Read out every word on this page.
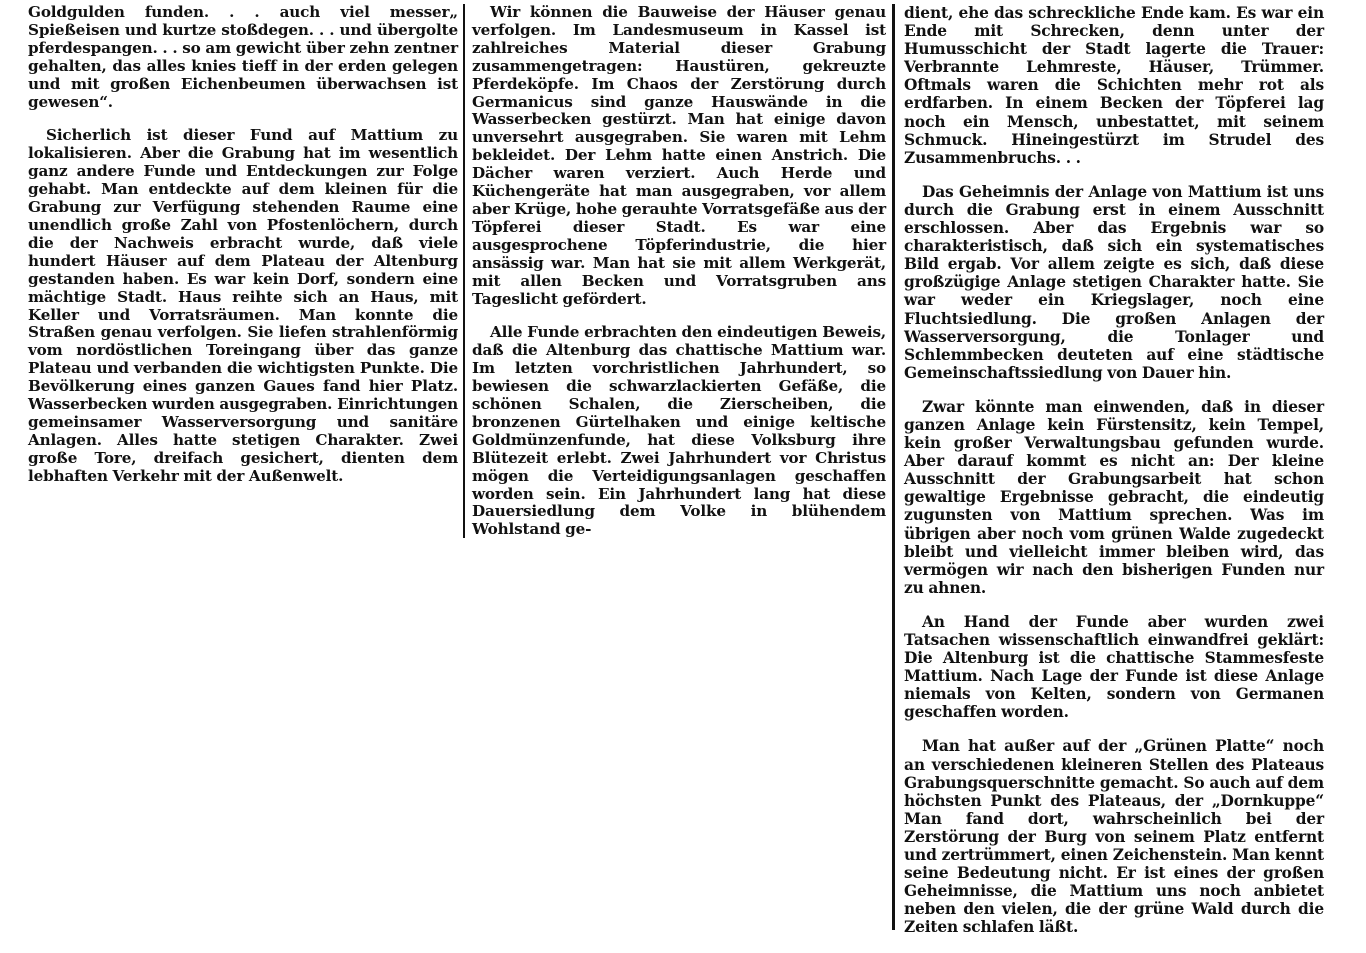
Goldgulden funden. . . auch viel messer„ Spießeisen und kurtze stoßdegen. . . und übergolte pferdespangen. . . so am gewicht über zehn zentner gehalten, das alles knies tieff in der erden gelegen und mit großen Eichenbeumen überwachsen ist gewesen“.

Sicherlich ist dieser Fund auf Mattium zu lokalisieren. Aber die Grabung hat im wesentlich ganz andere Funde und Entdeckungen zur Folge gehabt. Man entdeckte auf dem kleinen für die Grabung zur Verfügung stehenden Raume eine unendlich große Zahl von Pfostenlöchern, durch die der Nachweis erbracht wurde, daß viele hundert Häuser auf dem Plateau der Altenburg gestanden haben. Es war kein Dorf, sondern eine mächtige Stadt. Haus reihte sich an Haus, mit Keller und Vorratsräumen. Man konnte die Straßen genau verfolgen. Sie liefen strahlenförmig vom nordöstlichen Toreingang über das ganze Plateau und verbanden die wichtigsten Punkte. Die Bevölkerung eines ganzen Gaues fand hier Platz. Wasserbecken wurden ausgegraben. Einrichtungen gemeinsamer Wasserversorgung und sanitäre Anlagen. Alles hatte stetigen Charakter. Zwei große Tore, dreifach gesichert, dienten dem lebhaften Verkehr mit der Außenwelt.

Wir können die Bauweise der Häuser genau verfolgen. Im Landesmuseum in Kassel ist zahlreiches Material dieser Grabung zusammengetragen: Haustüren, gekreuzte Pferdeköpfe. Im Chaos der Zerstörung durch Germanicus sind ganze Hauswände in die Wasserbecken gestürzt. Man hat einige davon unversehrt ausgegraben. Sie waren mit Lehm bekleidet. Der Lehm hatte einen Anstrich. Die Dächer waren verziert. Auch Herde und Küchengeräte hat man ausgegraben, vor allem aber Krüge, hohe gerauhte Vorratsgefäße aus der Töpferei dieser Stadt. Es war eine ausgesprochene Töpferindustrie, die hier ansässig war. Man hat sie mit allem Werkgerät, mit allen Becken und Vorratsgruben ans Tageslicht gefördert.

Alle Funde erbrachten den eindeutigen Beweis, daß die Altenburg das chattische Mattium war. Im letzten vorchristlichen Jahrhundert, so bewiesen die schwarzlackierten Gefäße, die schönen Schalen, die Zierscheiben, die bronzenen Gürtelhaken und einige keltische Goldmünzenfunde, hat diese Volksburg ihre Blütezeit erlebt. Zwei Jahrhundert vor Christus mögen die Verteidigungsanlagen geschaffen worden sein. Ein Jahrhundert lang hat diese Dauersiedlung dem Volke in blühendem Wohlstand ge-

dient, ehe das schreckliche Ende kam. Es war ein Ende mit Schrecken, denn unter der Humusschicht der Stadt lagerte die Trauer: Verbrannte Lehmreste, Häuser, Trümmer. Oftmals waren die Schichten mehr rot als erdfarben. In einem Becken der Töpferei lag noch ein Mensch, unbestattet, mit seinem Schmuck. Hineingestürzt im Strudel des Zusammenbruchs. . .

Das Geheimnis der Anlage von Mattium ist uns durch die Grabung erst in einem Ausschnitt erschlossen. Aber das Ergebnis war so charakteristisch, daß sich ein systematisches Bild ergab. Vor allem zeigte es sich, daß diese großzügige Anlage stetigen Charakter hatte. Sie war weder ein Kriegslager, noch eine Fluchtsiedlung. Die großen Anlagen der Wasserversorgung, die Tonlager und Schlemmbecken deuteten auf eine städtische Gemeinschaftssiedlung von Dauer hin.

Zwar könnte man einwenden, daß in dieser ganzen Anlage kein Fürstensitz, kein Tempel, kein großer Verwaltungsbau gefunden wurde. Aber darauf kommt es nicht an: Der kleine Ausschnitt der Grabungsarbeit hat schon gewaltige Ergebnisse gebracht, die eindeutig zugunsten von Mattium sprechen. Was im übrigen aber noch vom grünen Walde zugedeckt bleibt und vielleicht immer bleiben wird, das vermögen wir nach den bisherigen Funden nur zu ahnen.

An Hand der Funde aber wurden zwei Tatsachen wissenschaftlich einwandfrei geklärt: Die Altenburg ist die chattische Stammesfeste Mattium. Nach Lage der Funde ist diese Anlage niemals von Kelten, sondern von Germanen geschaffen worden.

Man hat außer auf der „Grünen Platte“ noch an verschiedenen kleineren Stellen des Plateaus Grabungsquerschnitte gemacht. So auch auf dem höchsten Punkt des Plateaus, der „Dornkuppe“ Man fand dort, wahrscheinlich bei der Zerstörung der Burg von seinem Platz entfernt und zertrümmert, einen Zeichenstein. Man kennt seine Bedeutung nicht. Er ist eines der großen Geheimnisse, die Mattium uns noch anbietet neben den vielen, die der grüne Wald durch die Zeiten schlafen läßt.
